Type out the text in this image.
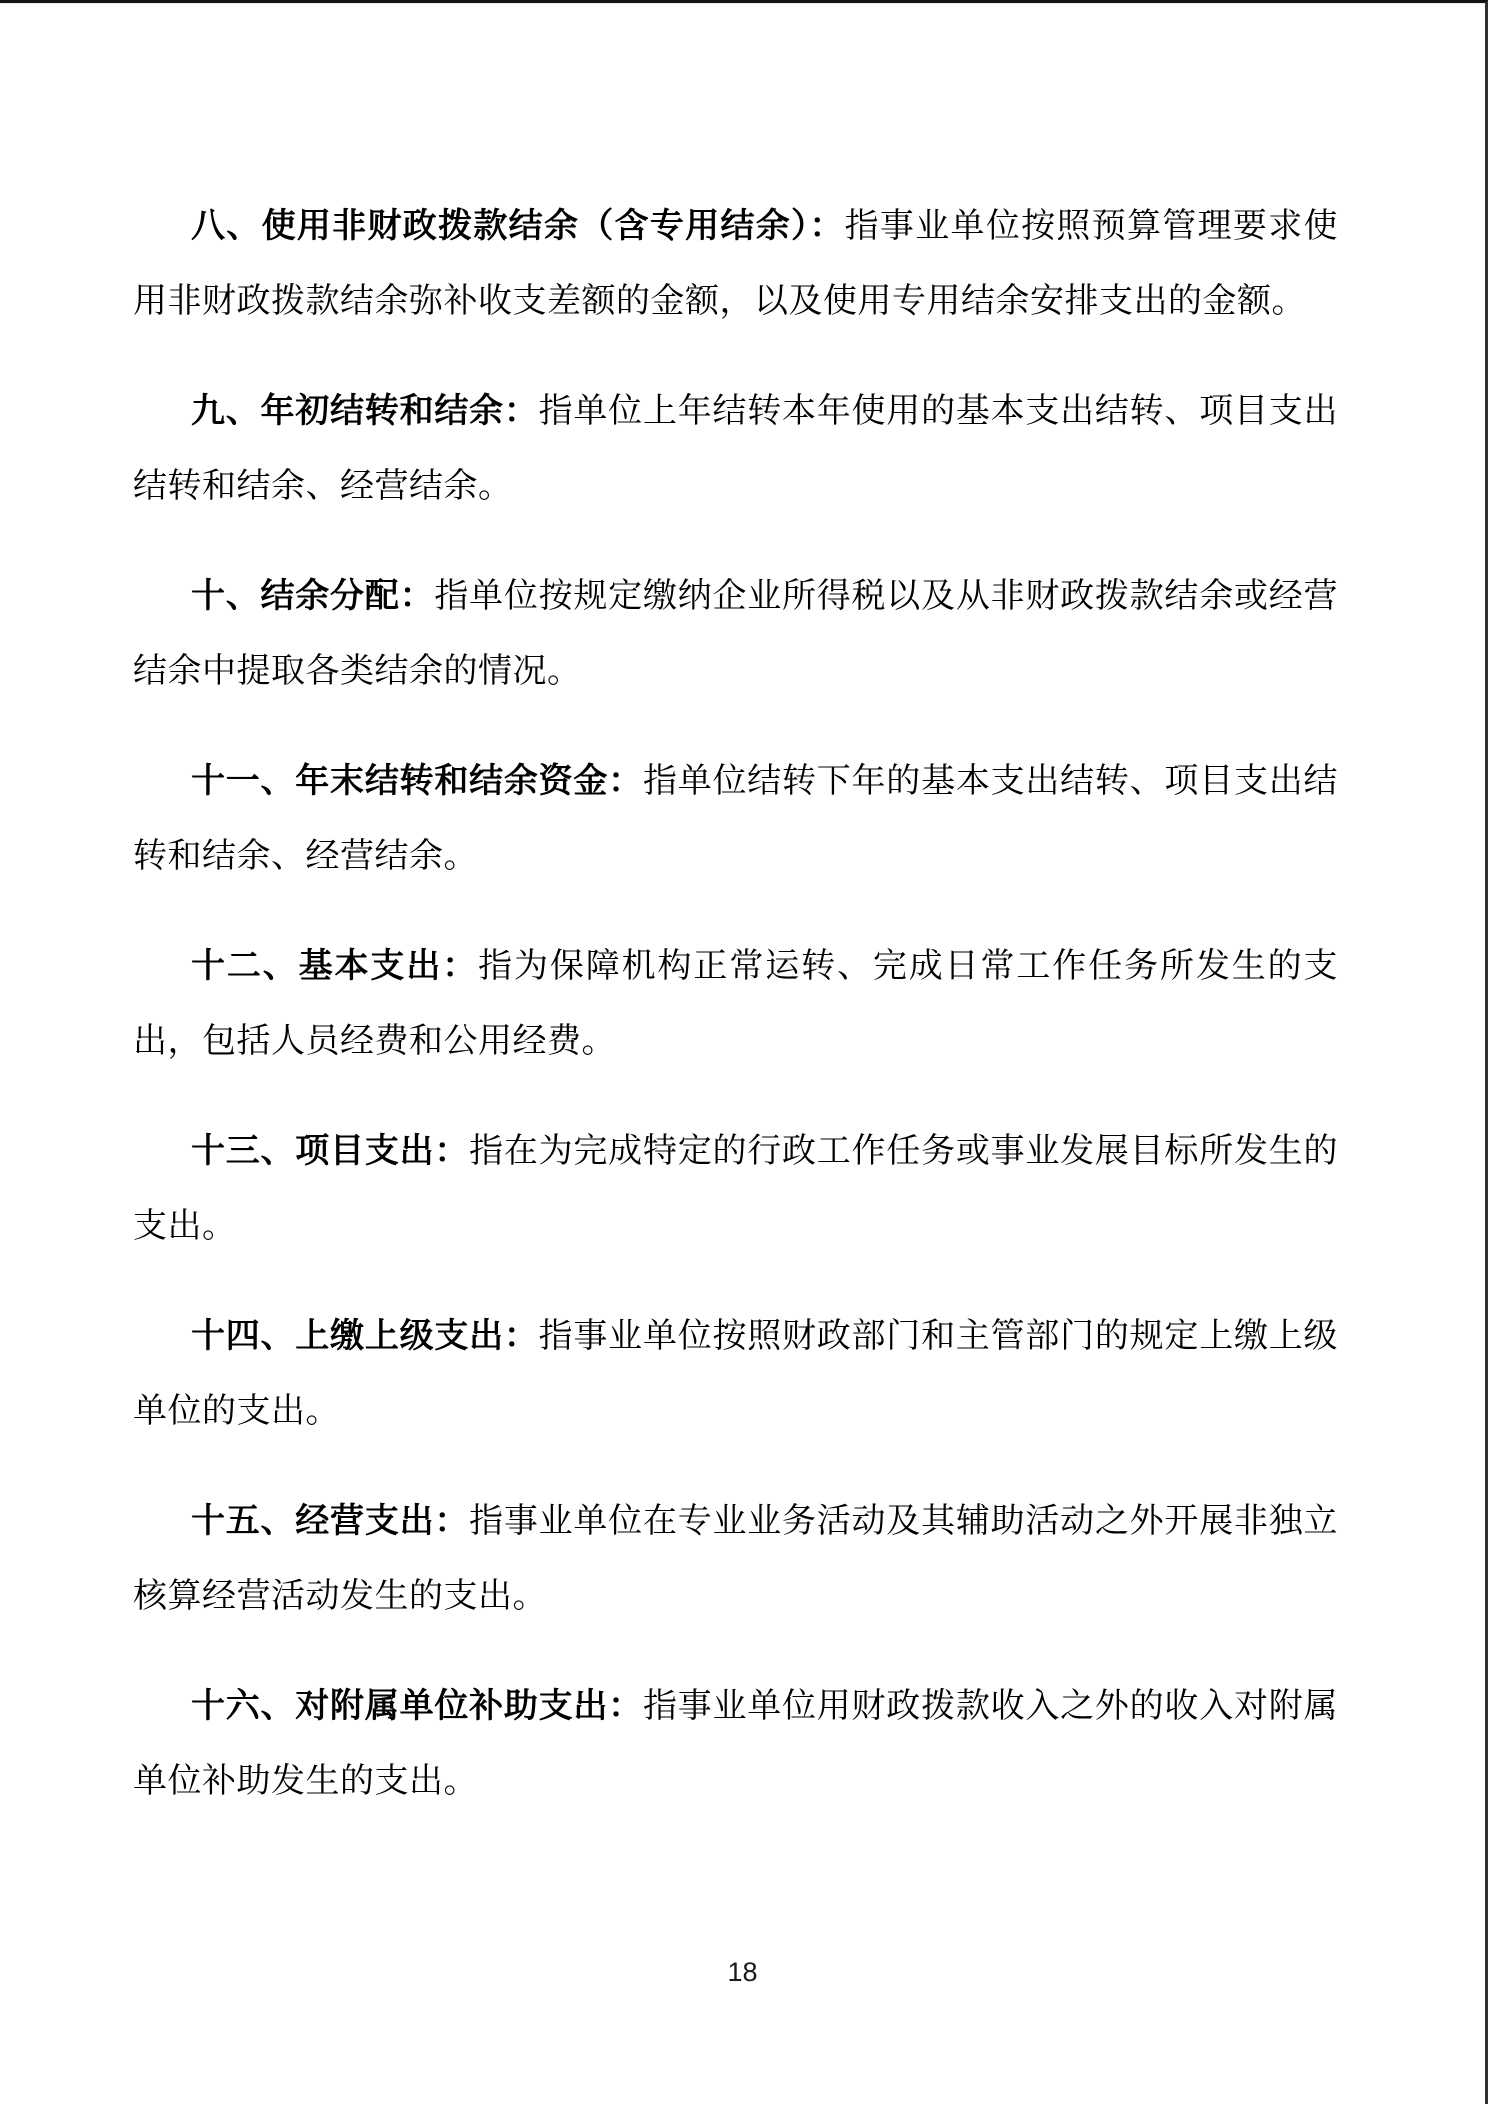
八、使用非财政拨款结余（含专用结余）：指事业单位按照预算管理要求使用非财政拨款结余弥补收支差额的金额，以及使用专用结余安排支出的金额。

九、年初结转和结余：指单位上年结转本年使用的基本支出结转、项目支出结转和结余、经营结余。

十、结余分配：指单位按规定缴纳企业所得税以及从非财政拨款结余或经营结余中提取各类结余的情况。

十一、年末结转和结余资金：指单位结转下年的基本支出结转、项目支出结转和结余、经营结余。

十二、基本支出：指为保障机构正常运转、完成日常工作任务所发生的支出，包括人员经费和公用经费。

十三、项目支出：指在为完成特定的行政工作任务或事业发展目标所发生的支出。

十四、上缴上级支出：指事业单位按照财政部门和主管部门的规定上缴上级单位的支出。

十五、经营支出：指事业单位在专业业务活动及其辅助活动之外开展非独立核算经营活动发生的支出。

十六、对附属单位补助支出：指事业单位用财政拨款收入之外的收入对附属单位补助发生的支出。

18
